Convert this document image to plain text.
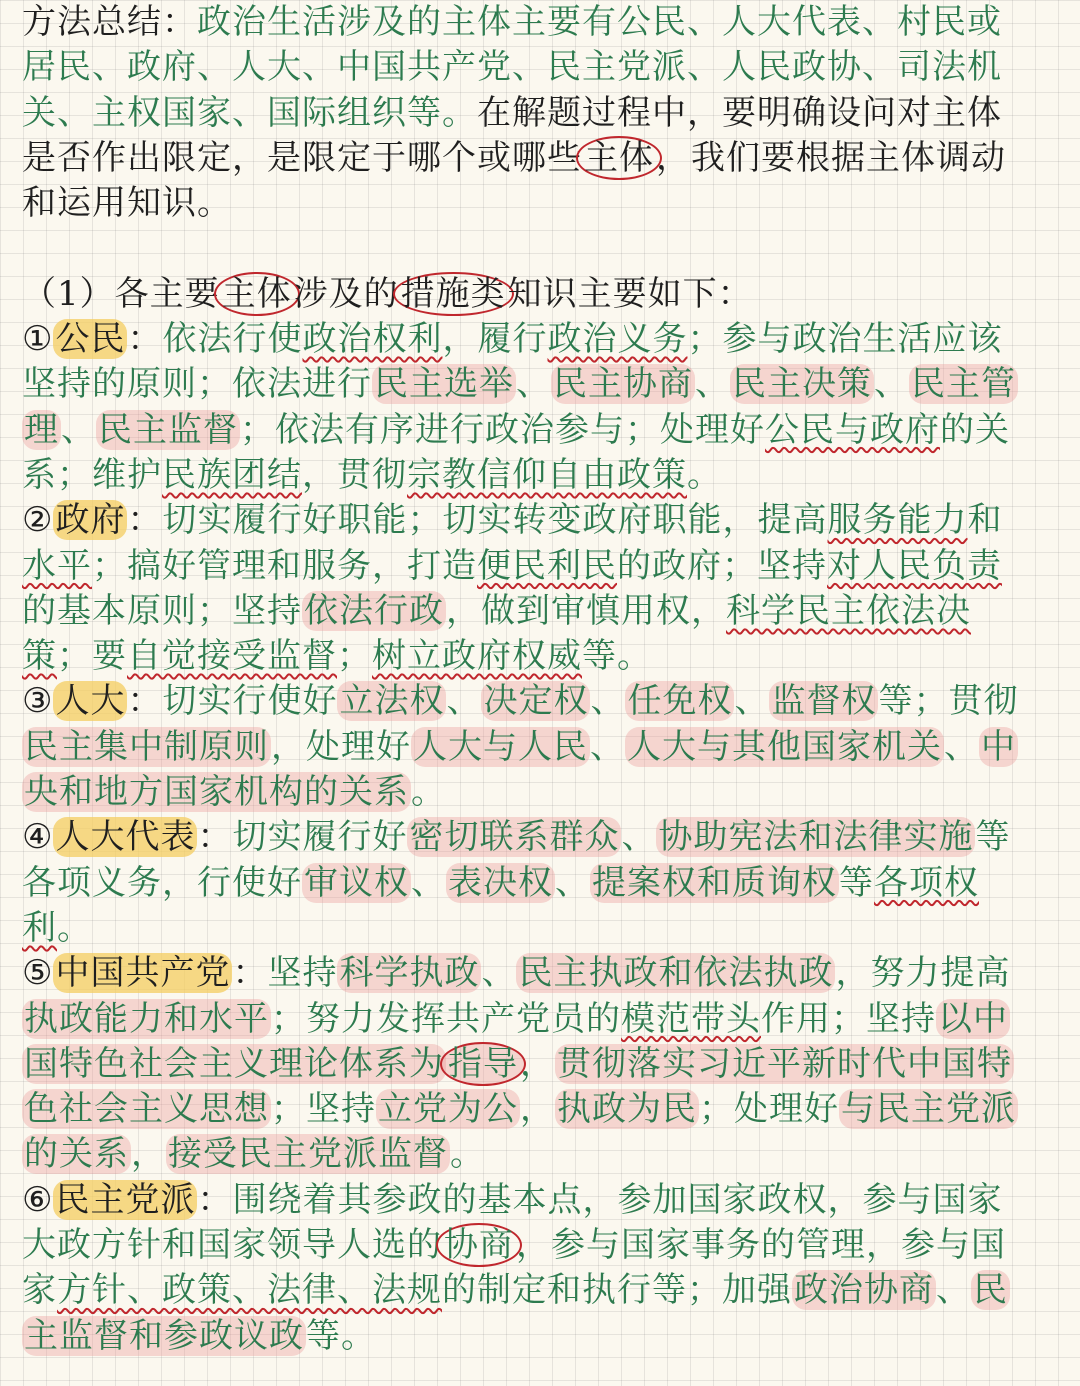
方法总结：政治生活涉及的主体主要有公民、人大代表、村民或
居民、政府、人大、中国共产党、民主党派、人民政协、司法机
关、主权国家、国际组织等。在解题过程中，要明确设问对主体
是否作出限定，是限定于哪个或哪些主体，我们要根据主体调动
和运用知识。
（1）各主要主体涉及的措施类知识主要如下：
①公民：依法行使政治权利，履行政治义务；参与政治生活应该
坚持的原则；依法进行民主选举、民主协商、民主决策、民主管
理、民主监督；依法有序进行政治参与；处理好公民与政府的关
系；维护民族团结，贯彻宗教信仰自由政策。
②政府：切实履行好职能；切实转变政府职能，提高服务能力和
水平；搞好管理和服务，打造便民利民的政府；坚持对人民负责
的基本原则；坚持依法行政，做到审慎用权，科学民主依法决
策；要自觉接受监督；树立政府权威等。
③人大：切实行使好立法权、决定权、任免权、监督权等；贯彻
民主集中制原则，处理好人大与人民、人大与其他国家机关、中
央和地方国家机构的关系。
④人大代表：切实履行好密切联系群众、协助宪法和法律实施等
各项义务，行使好审议权、表决权、提案权和质询权等各项权
利。
⑤中国共产党：坚持科学执政、民主执政和依法执政，努力提高
执政能力和水平；努力发挥共产党员的模范带头作用；坚持以中
国特色社会主义理论体系为 指导，贯彻落实习近平新时代中国特
色社会主义思想；坚持立党为公，执政为民；处理好与民主党派
的关系，接受民主党派监督。
⑥民主党派：围绕着其参政的基本点，参加国家政权，参与国家
大政方针和国家领导人选的协商，参与国家事务的管理，参与国
家方针、政策、法律、法规的制定和执行等；加强政治协商、民
主监督和参政议政等。
